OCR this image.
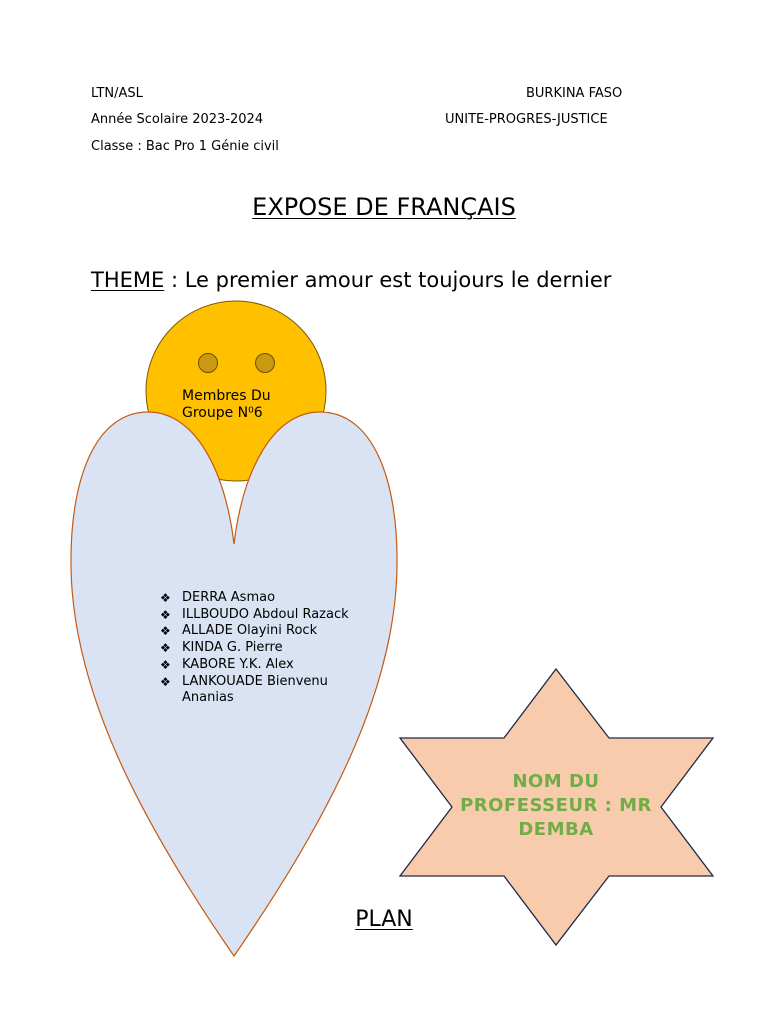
LTN/ASL
Année Scolaire 2023-2024
Classe : Bac Pro 1 Génie civil
BURKINA FASO
UNITE-PROGRES-JUSTICE
EXPOSE DE FRANÇAIS
THEME : Le premier amour est toujours le dernier
Membres Du Groupe N⁰6
❖ DERRA Asmao
❖ ILLBOUDO Abdoul Razack
❖ ALLADE Olayini Rock
❖ KINDA G. Pierre
❖ KABORE Y.K. Alex
❖ LANKOUADE Bienvenu Ananias
NOM DU PROFESSEUR : MR DEMBA
PLAN
